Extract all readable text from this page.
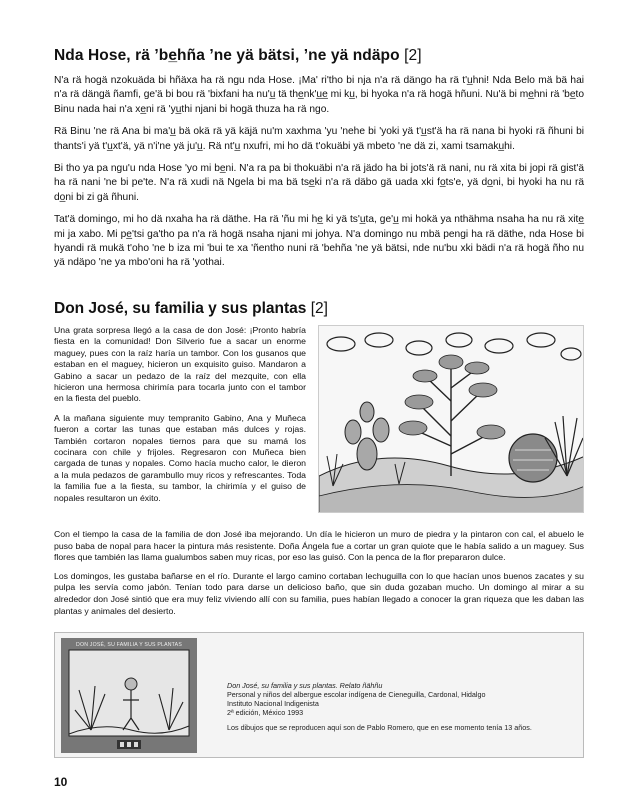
Nda Hose, rä ʼbe̲hña ʼne yä bätsi, ʼne yä ndäpo [2]

N'a rä hogä nzokuäda bi hñäxa ha rä ngu nda Hose. ¡Ma' ri'tho bi nja n'a rä dängo ha rä t'u̲hni! Nda Belo mä bä hai n'a rä dängä ñamfi, ge'ä bi bou rä 'bixfani ha nu'u̲ tä the̲nk'u̲e̲ mi ku̲, bi hyoka n'a rä hogä hñuni. Nu'ä bi me̲hni rä 'be̲to Binu nada hai n'a xe̲ni rä 'yu̲thi njani bi hogä thuza ha rä ngo.

Rä Binu 'ne rä Ana bi ma'u̲ bä okä rä yä käjä nu'm xaxhma 'yu 'nehe bi 'yoki yä t'u̲st'ä ha rä nana bi hyoki rä ñhuni bi thants'i yä t'u̲xt'ä, yä n'i'ne yä ju'u̲. Rä nt'u̲ nxufri, mi ho dä t'okuäbi yä mbeto 'ne dä zi, xami tsamaku̲hi.

Bi tho ya pa ngu'u nda Hose 'yo mi be̲ni. N'a ra pa bi thokuäbi n'a rä jädo ha bi jots'ä rä nani, nu rä xita bi jopi rä gist'ä ha rä nani 'ne bi pe'te. N'a rä xudi nä Ngela bi ma bä tse̲ki n'a rä däbo gä uada xki fo̲ts'e, yä do̲ni, bi hyoki ha nu rä do̲ni bi zi gä ñhuni.

Tat'ä domingo, mi ho dä nxaha ha rä däthe. Ha rä 'ñu mi he̲ ki yä ts'u̲ta, ge'u̲ mi hokä ya nthähma nsaha ha nu rä xite̲ mi ja xabo. Mi pe̲'tsi ga'tho pa n'a rä hogä nsaha njani mi johya. N'a domingo nu mbä pengi ha rä däthe, nda Hose bi hyandi rä mukä t'oho 'ne b iza mi 'bui te xa 'ñentho nuni rä 'behña 'ne yä bätsi, nde nu'bu xki bädi n'a rä hogä ñho nu yä ndäpo 'ne ya mbo'oni ha rä 'yothai.

Don José, su familia y sus plantas [2]

Una grata sorpresa llegó a la casa de don José: ¡Pronto habría fiesta en la comunidad! Don Silverio fue a sacar un enorme maguey, pues con la raíz haría un tambor. Con los gusanos que estaban en el maguey, hicieron un exquisito guiso. Mandaron a Gabino a sacar un pedazo de la raíz del mezquite, con ella hicieron una hermosa chirimía para tocarla junto con el tambor en la fiesta del pueblo.

A la mañana siguiente muy tempranito Gabino, Ana y Muñeca fueron a cortar las tunas que estaban más dulces y rojas. También cortaron nopales tiernos para que su mamá los cocinara con chile y frijoles. Regresaron con Muñeca bien cargada de tunas y nopales. Como hacía mucho calor, le dieron a la mula pedazos de garambullo muy ricos y refrescantes. Toda la familia fue a la fiesta, su tambor, la chirimía y el guiso de nopales resultaron un éxito.

Con el tiempo la casa de la familia de don José iba mejorando. Un día le hicieron un muro de piedra y la pintaron con cal, el abuelo le puso baba de nopal para hacer la pintura más resistente. Doña Ángela fue a cortar un gran quiote que le había salido a un maguey. Sus flores que también las llama gualumbos saben muy ricas, por eso las guisó. Con la penca de la flor prepararon dulce.

Los domingos, les gustaba bañarse en el río. Durante el largo camino cortaban lechuguilla con lo que hacían unos buenos zacates y su pulpa les servía como jabón. Tenían todo para darse un delicioso baño, que sin duda gozaban mucho. Un domingo al mirar a su alrededor don José sintió que era muy feliz viviendo allí con su familia, pues habían llegado a conocer la gran riqueza que les daban las plantas y animales del desierto.

DON JOSÉ, SU FAMILIA Y SUS PLANTAS
Don José, su familia y sus plantas. Relato ñähñu
Personal y niños del albergue escolar indígena de Cieneguilla, Cardonal, Hidalgo
Instituto Nacional Indigenista
2ª edición, México 1993
Los dibujos que se reproducen aquí son de Pablo Romero, que en ese momento tenía 13 años.
10
